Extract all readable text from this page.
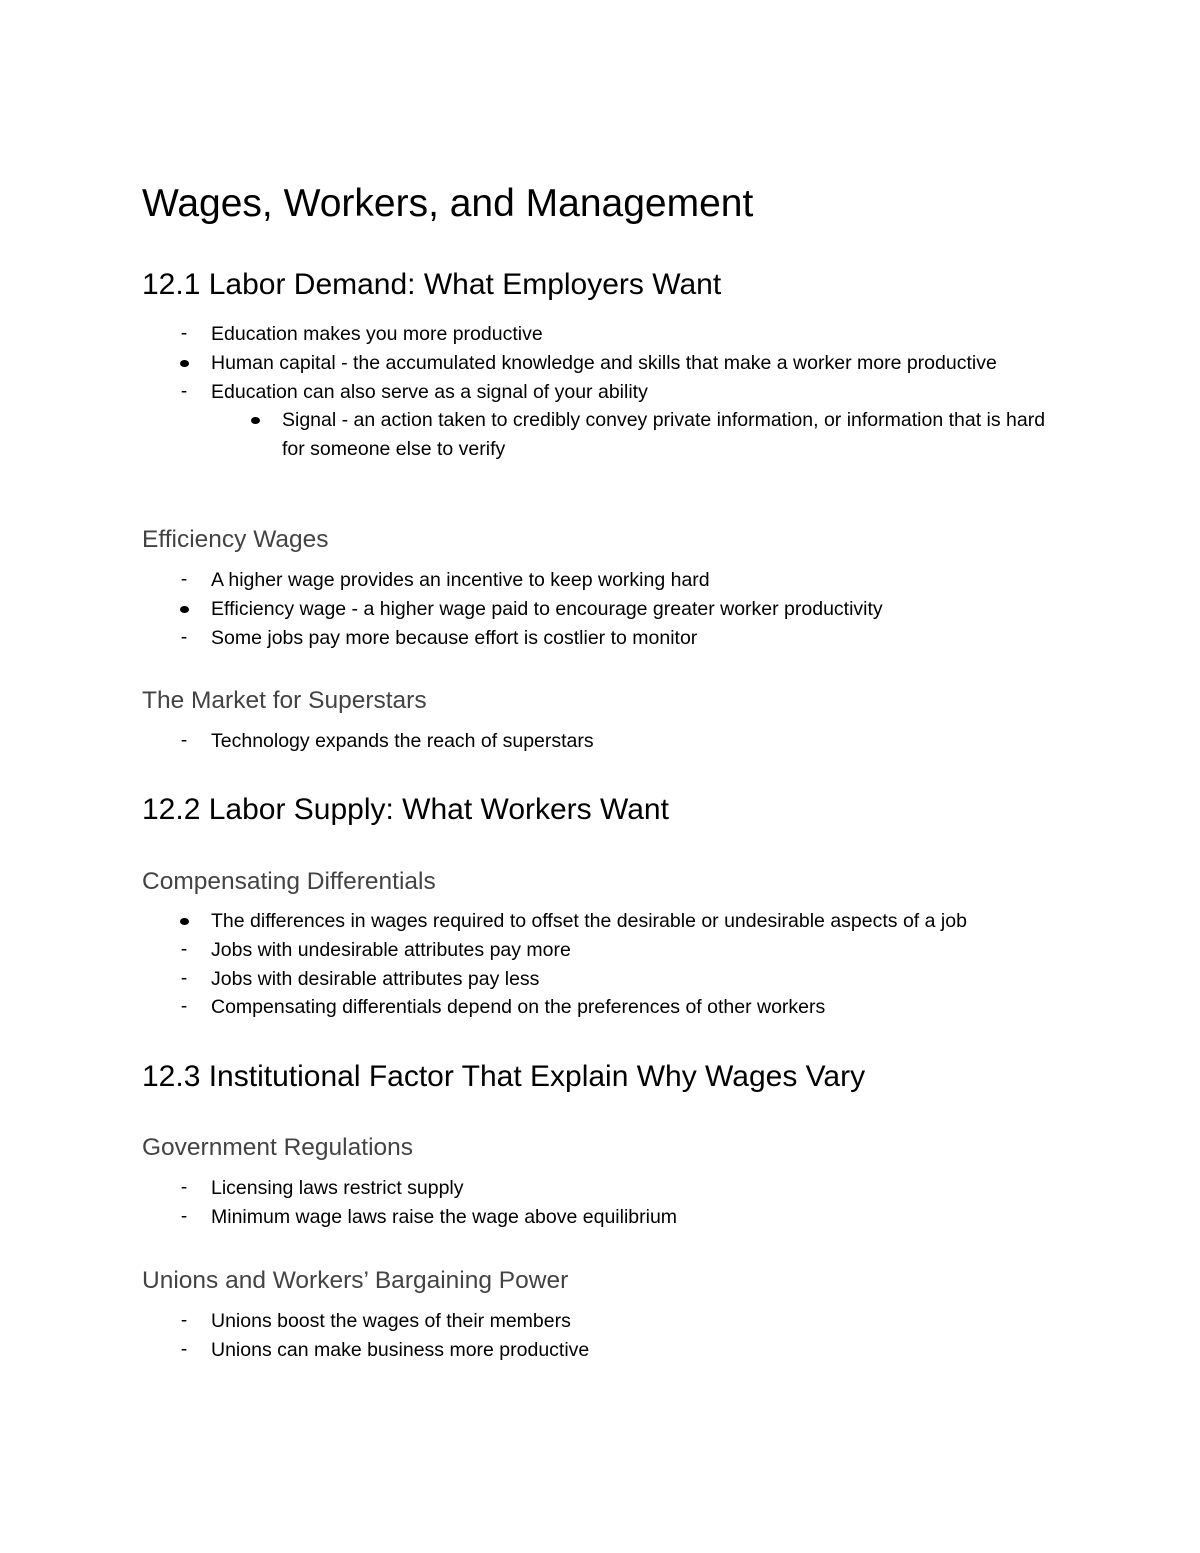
Wages, Workers, and Management
12.1 Labor Demand: What Employers Want
-	Education makes you more productive
Human capital - the accumulated knowledge and skills that make a worker more productive
-	Education can also serve as a signal of your ability
Signal - an action taken to credibly convey private information, or information that is hard for someone else to verify
Efficiency Wages
-	A higher wage provides an incentive to keep working hard
Efficiency wage - a higher wage paid to encourage greater worker productivity
-	Some jobs pay more because effort is costlier to monitor
The Market for Superstars
-	Technology expands the reach of superstars
12.2 Labor Supply: What Workers Want
Compensating Differentials
The differences in wages required to offset the desirable or undesirable aspects of a job
-	Jobs with undesirable attributes pay more
-	Jobs with desirable attributes pay less
-	Compensating differentials depend on the preferences of other workers
12.3 Institutional Factor That Explain Why Wages Vary
Government Regulations
-	Licensing laws restrict supply
-	Minimum wage laws raise the wage above equilibrium
Unions and Workers’ Bargaining Power
-	Unions boost the wages of their members
-	Unions can make business more productive
